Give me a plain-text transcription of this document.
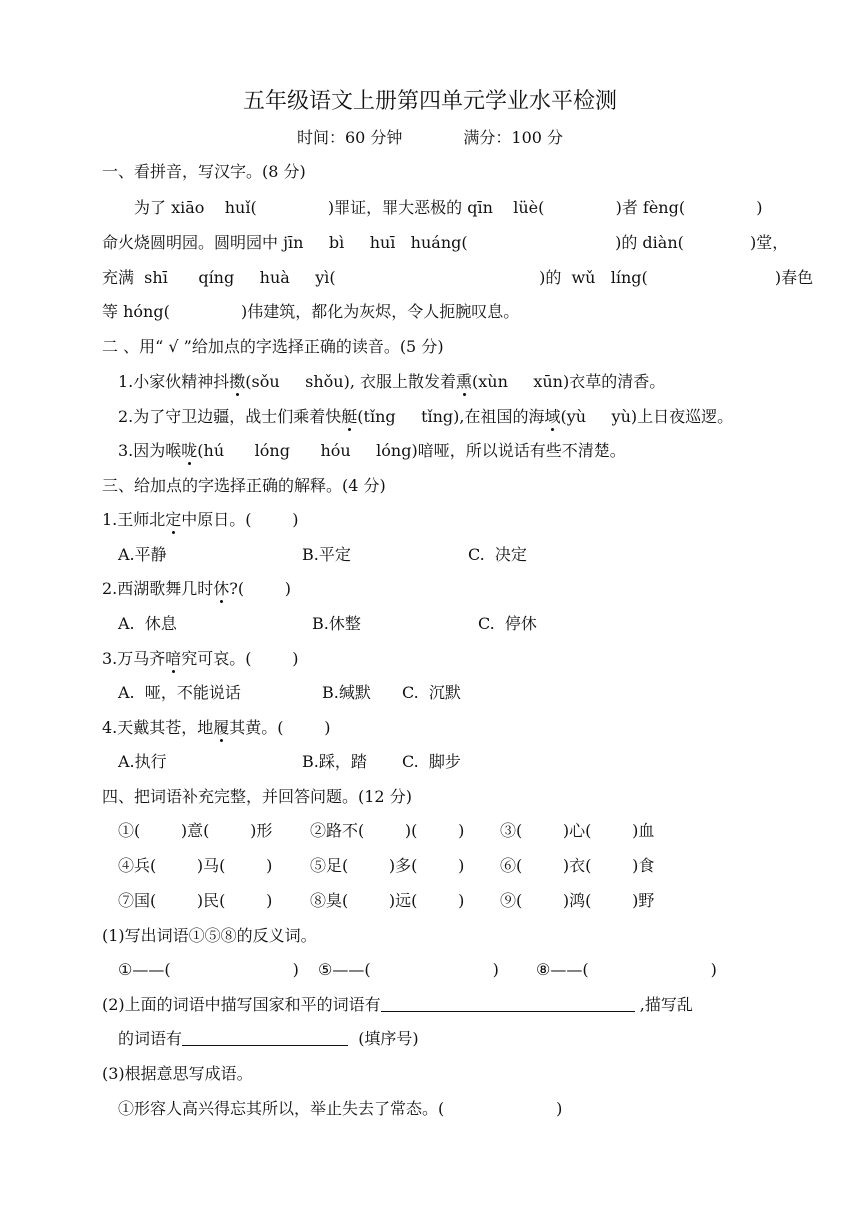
五年级语文上册第四单元学业水平检测
时间：60 分钟            满分：100 分
一、看拼音，写汉字。(8 分)
为了 xiāo    huǐ(              )罪证，罪大恶极的 qīn    lüè(              )者 fèng(              )
命火烧圆明园。圆明园中 jīn     bì     huī   huáng(                             )的 diàn(             )堂，
充满  shī      qíng     huà     yì(                                        )的  wǔ   líng(                         )春色
等 hóng(              )伟建筑，都化为灰烬，令人扼腕叹息。
二 、用“ √ ”给加点的字选择正确的读音。(5 分)
1.小家伙精神抖擞(sǒu     shǒu), 衣服上散发着熏(xùn     xūn)衣草的清香。
2.为了守卫边疆，战士们乘着快艇(tǐng     tǐng),在祖国的海域(yù     yù)上日夜巡逻。
3.因为喉咙(hú      lóng      hóu     lóng)喑哑，所以说话有些不清楚。
三、给加点的字选择正确的解释。(4 分)
1.王师北定中原日。(        )
A.平静	B.平定	C.  决定
2.西湖歌舞几时休?(        )
A.  休息	B.休整	C.  停休
3.万马齐喑究可哀。(        )
A.  哑，不能说话	B.缄默 C.  沉默
4.天戴其苍，地履其黄。(        )
A.执行	B.踩，踏 C.  脚步
四、把词语补充完整，并回答问题。(12 分)
①(        )意(        )形 ②路不(        )(        ) ③(        )心(        )血
④兵(        )马(        ) ⑤足(        )多(        ) ⑥(        )衣(        )食
⑦国(        )民(        ) ⑧臭(        )远(        ) ⑨(        )鸿(        )野
(1)写出词语①⑤⑧的反义词。
①——(                        ) ⑤——(                        ) ⑧——(                        )
(2)上面的词语中描写国家和平的词语有	,描写乱
的词语有	(填序号)
(3)根据意思写成语。
①形容人高兴得忘其所以，举止失去了常态。(                      )
